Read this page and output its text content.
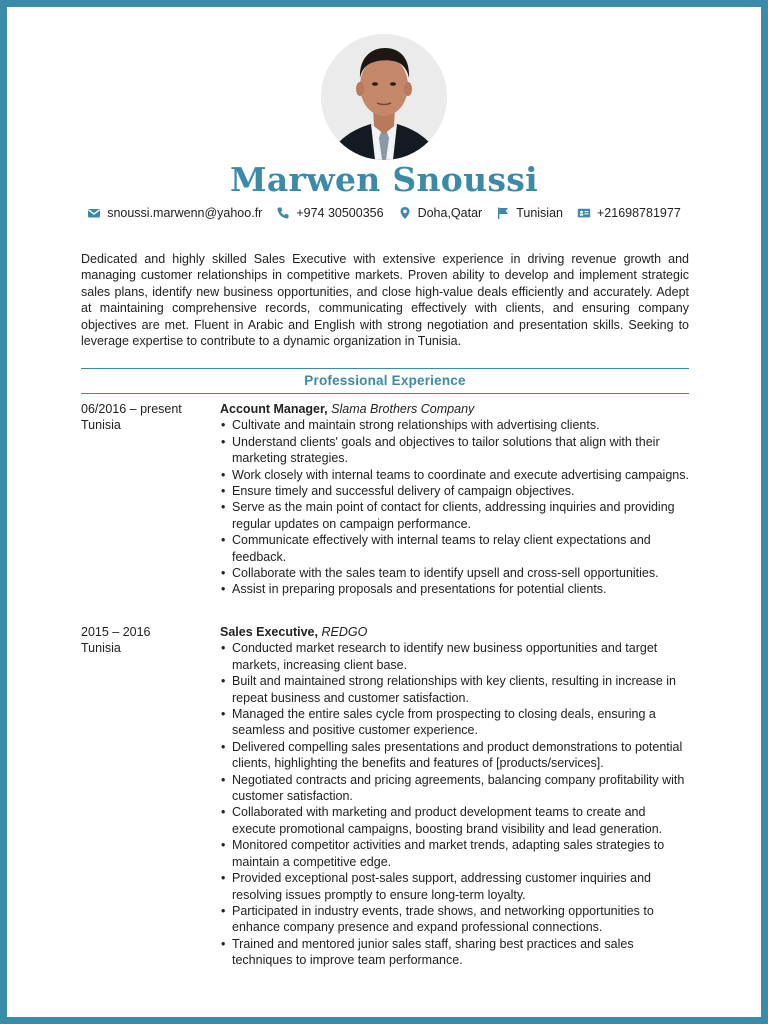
Marwen Snoussi
snoussi.marwenn@yahoo.fr	+974 30500356	Doha,Qatar	Tunisian	+21698781977
Dedicated and highly skilled Sales Executive with extensive experience in driving revenue growth and managing customer relationships in competitive markets. Proven ability to develop and implement strategic sales plans, identify new business opportunities, and close high-value deals efficiently and accurately. Adept at maintaining comprehensive records, communicating effectively with clients, and ensuring company objectives are met. Fluent in Arabic and English with strong negotiation and presentation skills. Seeking to leverage expertise to contribute to a dynamic organization in Tunisia.
Professional Experience
06/2016 – present
Tunisia
Account Manager, Slama Brothers Company
• Cultivate and maintain strong relationships with advertising clients.
• Understand clients' goals and objectives to tailor solutions that align with their marketing strategies.
• Work closely with internal teams to coordinate and execute advertising campaigns.
• Ensure timely and successful delivery of campaign objectives.
• Serve as the main point of contact for clients, addressing inquiries and providing regular updates on campaign performance.
• Communicate effectively with internal teams to relay client expectations and feedback.
• Collaborate with the sales team to identify upsell and cross-sell opportunities.
• Assist in preparing proposals and presentations for potential clients.
2015 – 2016
Tunisia
Sales Executive, REDGO
• Conducted market research to identify new business opportunities and target markets, increasing client base.
• Built and maintained strong relationships with key clients, resulting in increase in repeat business and customer satisfaction.
• Managed the entire sales cycle from prospecting to closing deals, ensuring a seamless and positive customer experience.
• Delivered compelling sales presentations and product demonstrations to potential clients, highlighting the benefits and features of [products/services].
• Negotiated contracts and pricing agreements, balancing company profitability with customer satisfaction.
• Collaborated with marketing and product development teams to create and execute promotional campaigns, boosting brand visibility and lead generation.
• Monitored competitor activities and market trends, adapting sales strategies to maintain a competitive edge.
• Provided exceptional post-sales support, addressing customer inquiries and resolving issues promptly to ensure long-term loyalty.
• Participated in industry events, trade shows, and networking opportunities to enhance company presence and expand professional connections.
• Trained and mentored junior sales staff, sharing best practices and sales techniques to improve team performance.
